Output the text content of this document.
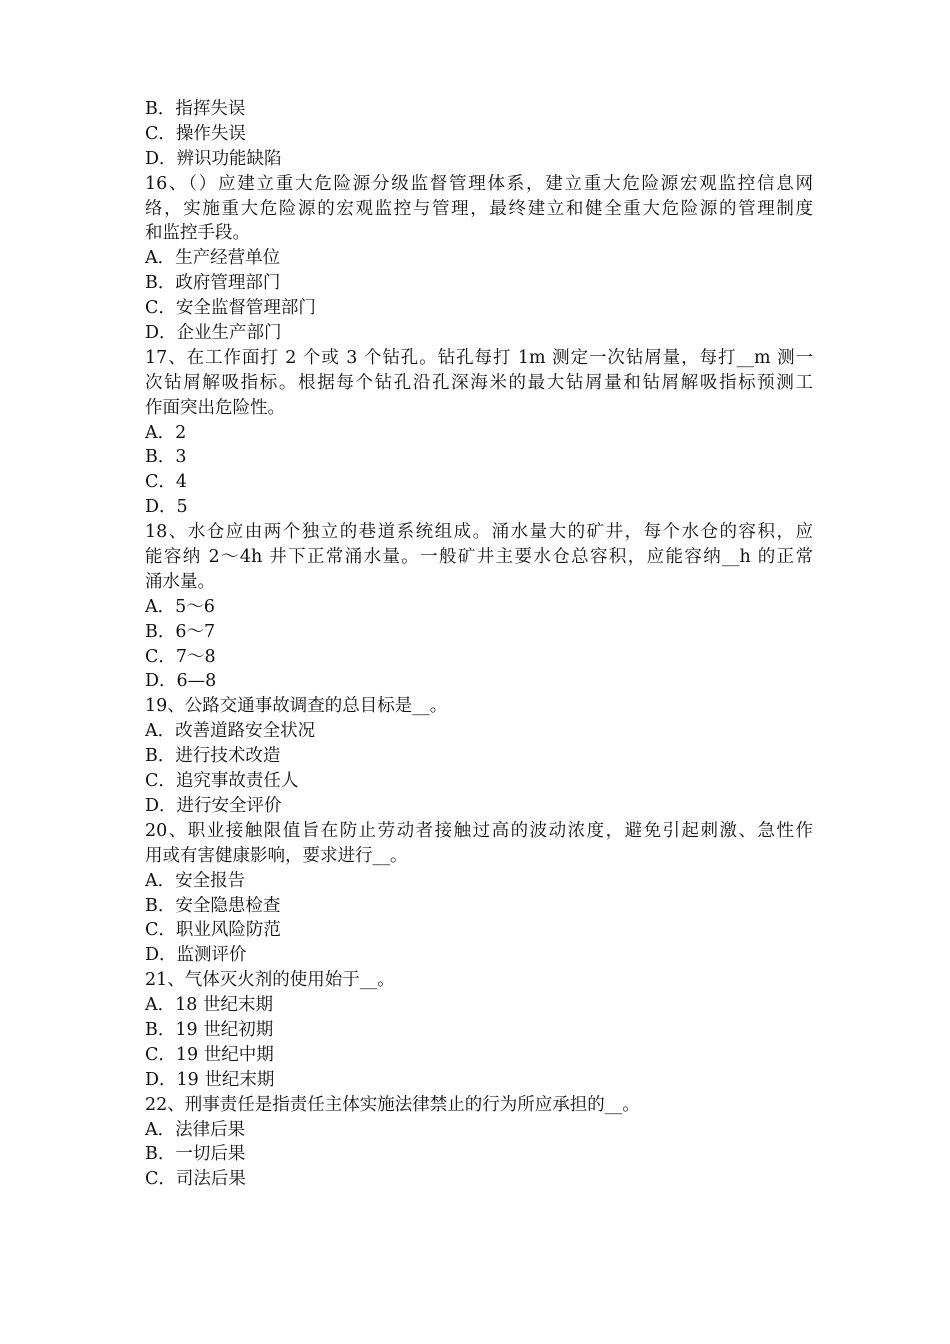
B．指挥失误
C．操作失误
D．辨识功能缺陷
16、（）应建立重大危险源分级监督管理体系，建立重大危险源宏观监控信息网
络，实施重大危险源的宏观监控与管理，最终建立和健全重大危险源的管理制度
和监控手段。
A．生产经营单位
B．政府管理部门
C．安全监督管理部门
D．企业生产部门
17、在工作面打 2 个或 3 个钻孔。钻孔每打 1m 测定一次钻屑量，每打__m 测一
次钻屑解吸指标。根据每个钻孔沿孔深海米的最大钻屑量和钻屑解吸指标预测工
作面突出危险性。
A．2
B．3
C．4
D．5
18、水仓应由两个独立的巷道系统组成。涌水量大的矿井，每个水仓的容积，应
能容纳 2～4h 井下正常涌水量。一般矿井主要水仓总容积，应能容纳__h 的正常
涌水量。
A．5～6
B．6～7
C．7～8
D．6—8
19、公路交通事故调查的总目标是__。
A．改善道路安全状况
B．进行技术改造
C．追究事故责任人
D．进行安全评价
20、职业接触限值旨在防止劳动者接触过高的波动浓度，避免引起刺激、急性作
用或有害健康影响，要求进行__。
A．安全报告
B．安全隐患检查
C．职业风险防范
D．监测评价
21、气体灭火剂的使用始于__。
A．18 世纪末期
B．19 世纪初期
C．19 世纪中期
D．19 世纪末期
22、刑事责任是指责任主体实施法律禁止的行为所应承担的__。
A．法律后果
B．一切后果
C．司法后果
